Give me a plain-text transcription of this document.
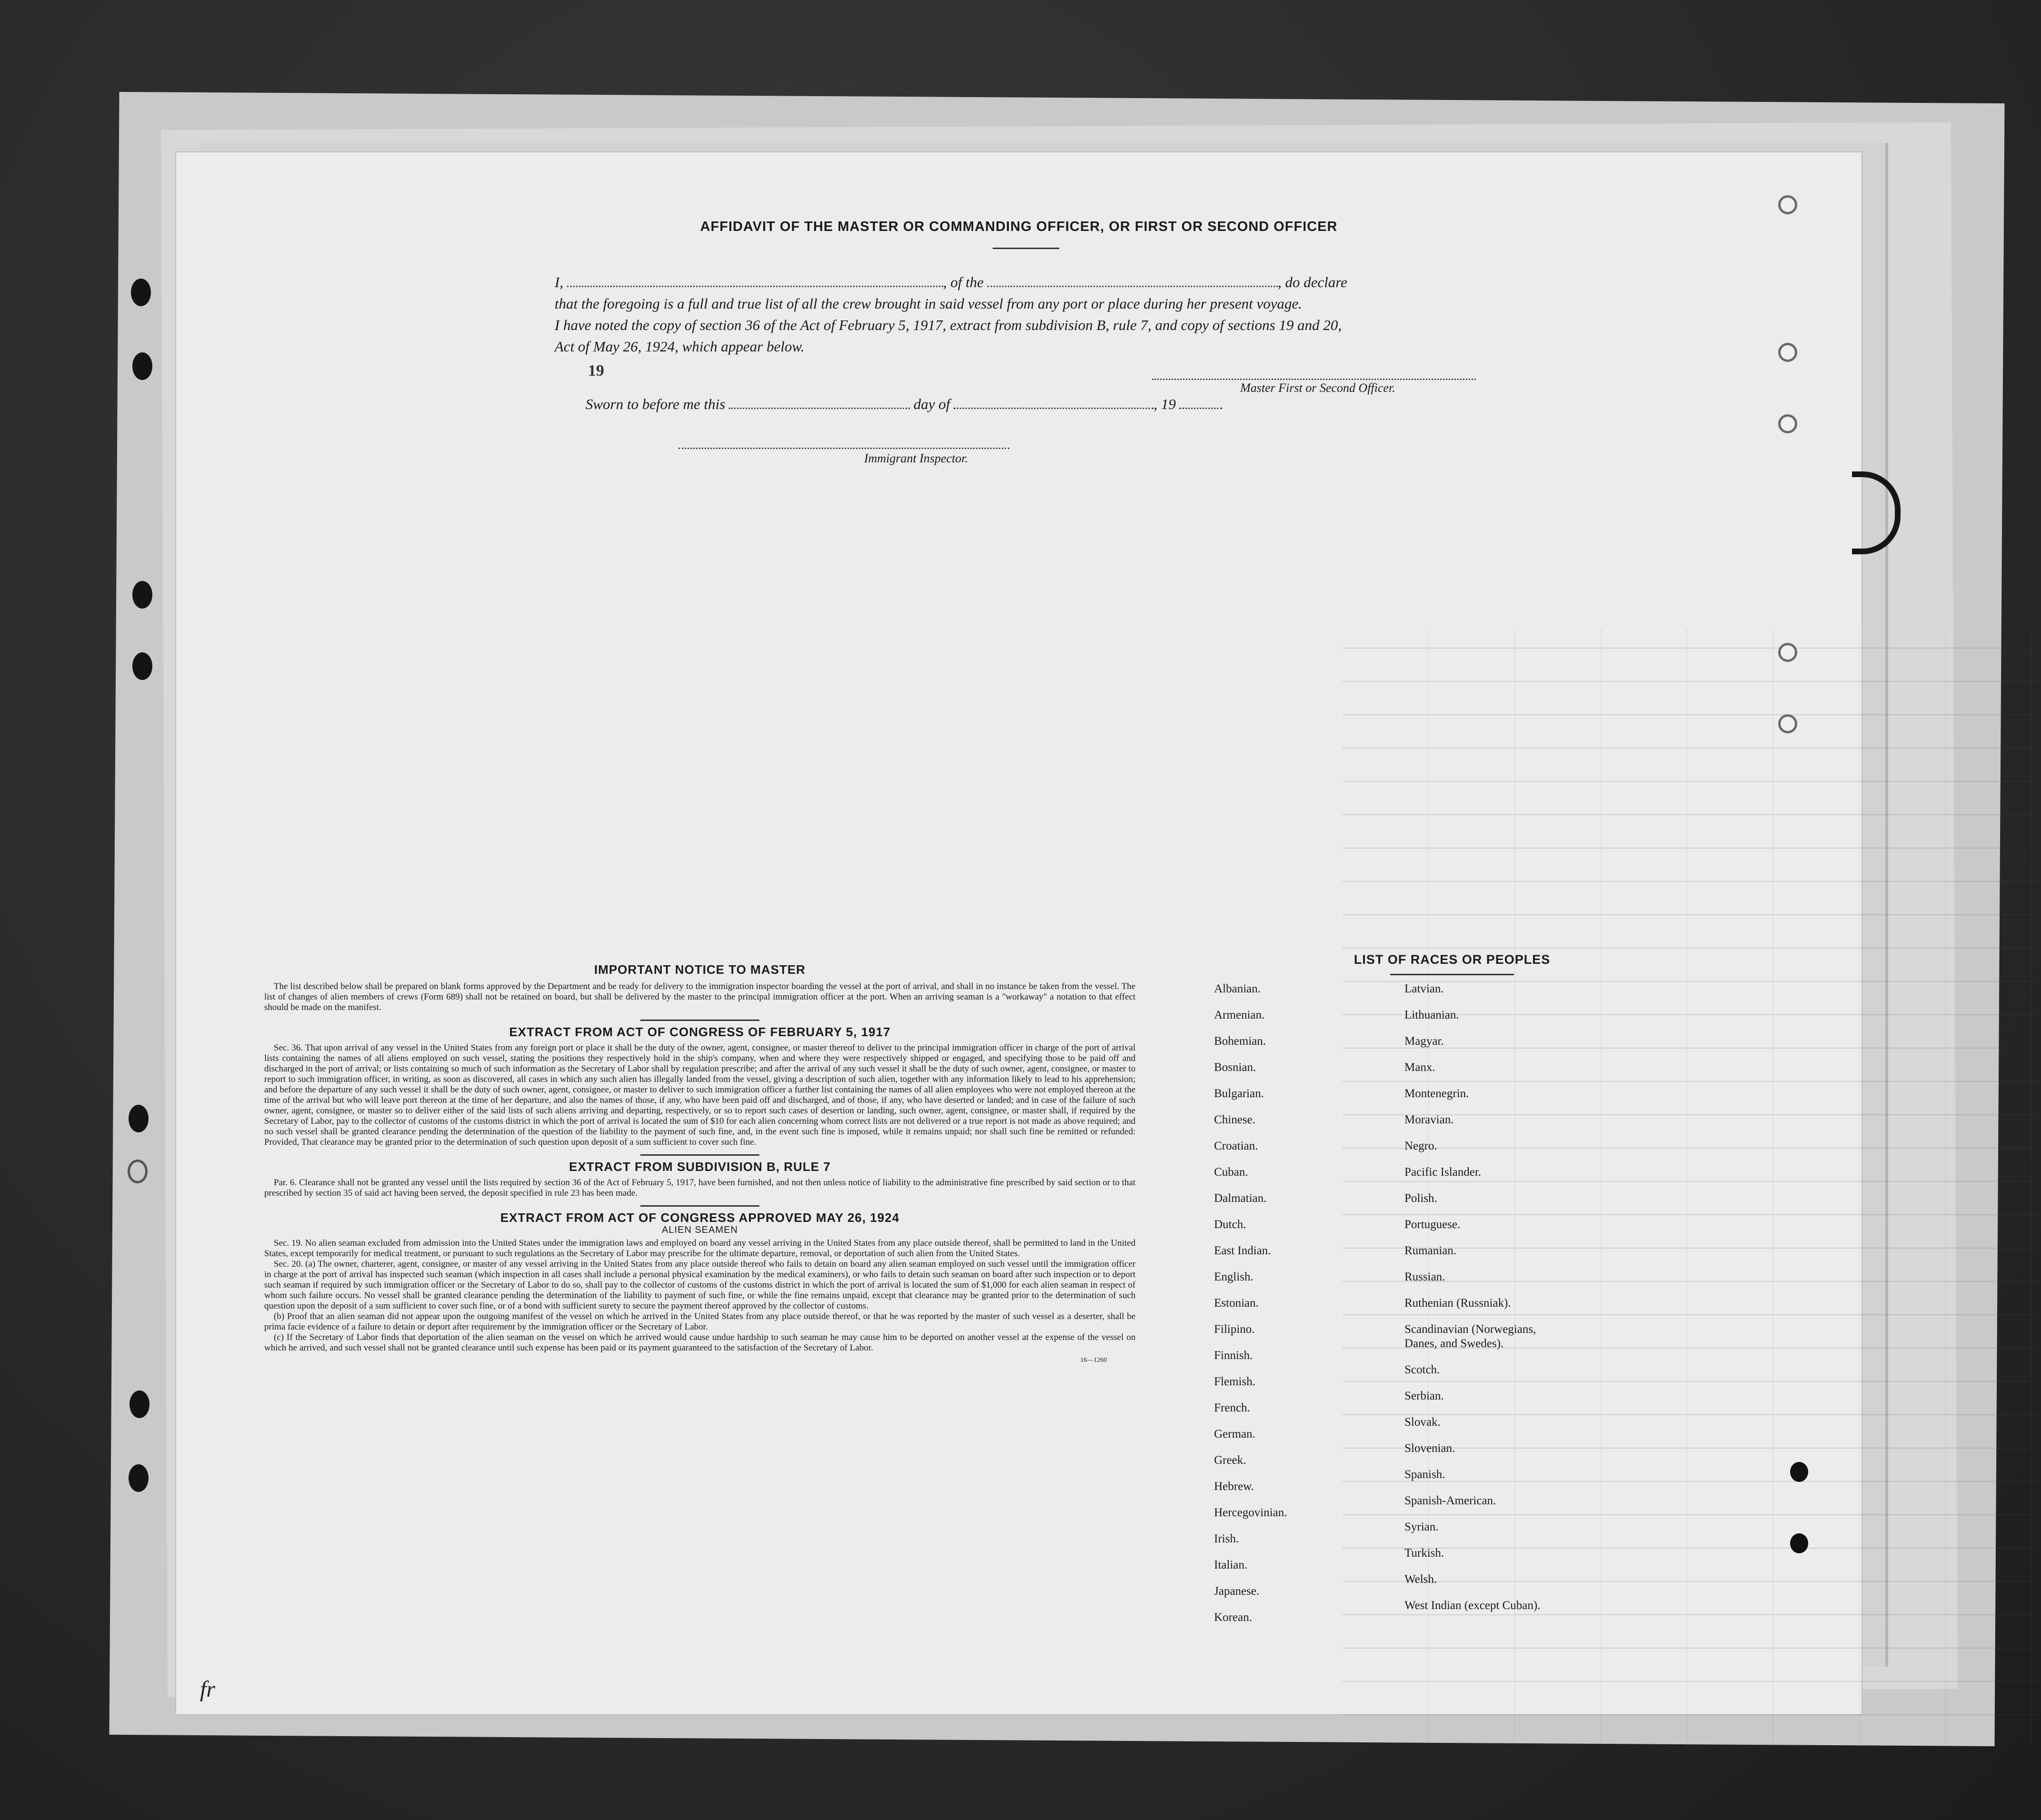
19
AFFIDAVIT OF THE MASTER OR COMMANDING OFFICER, OR FIRST OR SECOND OFFICER

I,	, of the	, do declare

that the foregoing is a full and true list of all the crew brought in said vessel from any port or place during her present voyage.

I have noted the copy of section 36 of the Act of February 5, 1917, extract from subdivision B, rule 7, and copy of sections 19 and 20,

Act of May 26, 1924, which appear below.

Master First or Second Officer.
Sworn to before me this	day of	, 19
Immigrant Inspector.

IMPORTANT NOTICE TO MASTER

The list described below shall be prepared on blank forms approved by the Department and be ready for delivery to the immigration inspector boarding the vessel at the port of arrival, and shall in no instance be taken from the vessel. The list of changes of alien members of crews (Form 689) shall not be retained on board, but shall be delivered by the master to the principal immigration officer at the port. When an arriving seaman is a "workaway" a notation to that effect should be made on the manifest.

EXTRACT FROM ACT OF CONGRESS OF FEBRUARY 5, 1917

Sec. 36. That upon arrival of any vessel in the United States from any foreign port or place it shall be the duty of the owner, agent, consignee, or master thereof to deliver to the principal immigration officer in charge of the port of arrival lists containing the names of all aliens employed on such vessel, stating the positions they respectively hold in the ship's company, when and where they were respectively shipped or engaged, and specifying those to be paid off and discharged in the port of arrival; or lists containing so much of such information as the Secretary of Labor shall by regulation prescribe; and after the arrival of any such vessel it shall be the duty of such owner, agent, consignee, or master to report to such immigration officer, in writing, as soon as discovered, all cases in which any such alien has illegally landed from the vessel, giving a description of such alien, together with any information likely to lead to his apprehension; and before the departure of any such vessel it shall be the duty of such owner, agent, consignee, or master to deliver to such immigration officer a further list containing the names of all alien employees who were not employed thereon at the time of the arrival but who will leave port thereon at the time of her departure, and also the names of those, if any, who have been paid off and discharged, and of those, if any, who have deserted or landed; and in case of the failure of such owner, agent, consignee, or master so to deliver either of the said lists of such aliens arriving and departing, respectively, or so to report such cases of desertion or landing, such owner, agent, consignee, or master shall, if required by the Secretary of Labor, pay to the collector of customs of the customs district in which the port of arrival is located the sum of $10 for each alien concerning whom correct lists are not delivered or a true report is not made as above required; and no such vessel shall be granted clearance pending the determination of the question of the liability to the payment of such fine, and, in the event such fine is imposed, while it remains unpaid; nor shall such fine be remitted or refunded: Provided, That clearance may be granted prior to the determination of such question upon deposit of a sum sufficient to cover such fine.

EXTRACT FROM SUBDIVISION B, RULE 7

Par. 6. Clearance shall not be granted any vessel until the lists required by section 36 of the Act of February 5, 1917, have been furnished, and not then unless notice of liability to the administrative fine prescribed by said section or to that prescribed by section 35 of said act having been served, the deposit specified in rule 23 has been made.

EXTRACT FROM ACT OF CONGRESS APPROVED MAY 26, 1924

ALIEN SEAMEN

Sec. 19. No alien seaman excluded from admission into the United States under the immigration laws and employed on board any vessel arriving in the United States from any place outside thereof, shall be permitted to land in the United States, except temporarily for medical treatment, or pursuant to such regulations as the Secretary of Labor may prescribe for the ultimate departure, removal, or deportation of such alien from the United States.

Sec. 20. (a) The owner, charterer, agent, consignee, or master of any vessel arriving in the United States from any place outside thereof who fails to detain on board any alien seaman employed on such vessel until the immigration officer in charge at the port of arrival has inspected such seaman (which inspection in all cases shall include a personal physical examination by the medical examiners), or who fails to detain such seaman on board after such inspection or to deport such seaman if required by such immigration officer or the Secretary of Labor to do so, shall pay to the collector of customs of the customs district in which the port of arrival is located the sum of $1,000 for each alien seaman in respect of whom such failure occurs. No vessel shall be granted clearance pending the determination of the liability to payment of such fine, or while the fine remains unpaid, except that clearance may be granted prior to the determination of such question upon the deposit of a sum sufficient to cover such fine, or of a bond with sufficient surety to secure the payment thereof approved by the collector of customs.

(b) Proof that an alien seaman did not appear upon the outgoing manifest of the vessel on which he arrived in the United States from any place outside thereof, or that he was reported by the master of such vessel as a deserter, shall be prima facie evidence of a failure to detain or deport after requirement by the immigration officer or the Secretary of Labor.

(c) If the Secretary of Labor finds that deportation of the alien seaman on the vessel on which he arrived would cause undue hardship to such seaman he may cause him to be deported on another vessel at the expense of the vessel on which he arrived, and such vessel shall not be granted clearance until such expense has been paid or its payment guaranteed to the satisfaction of the Secretary of Labor.

16—1260
LIST OF RACES OR PEOPLES
Albanian.
Armenian.
Bohemian.
Bosnian.
Bulgarian.
Chinese.
Croatian.
Cuban.
Dalmatian.
Dutch.
East Indian.
English.
Estonian.
Filipino.
Finnish.
Flemish.
French.
German.
Greek.
Hebrew.
Hercegovinian.
Irish.
Italian.
Japanese.
Korean.
Latvian.
Lithuanian.
Magyar.
Manx.
Montenegrin.
Moravian.
Negro.
Pacific Islander.
Polish.
Portuguese.
Rumanian.
Russian.
Ruthenian (Russniak).
Scandinavian (Norwegians,
Danes, and Swedes).
Scotch.
Serbian.
Slovak.
Slovenian.
Spanish.
Spanish-American.
Syrian.
Turkish.
Welsh.
West Indian (except Cuban).
fr
